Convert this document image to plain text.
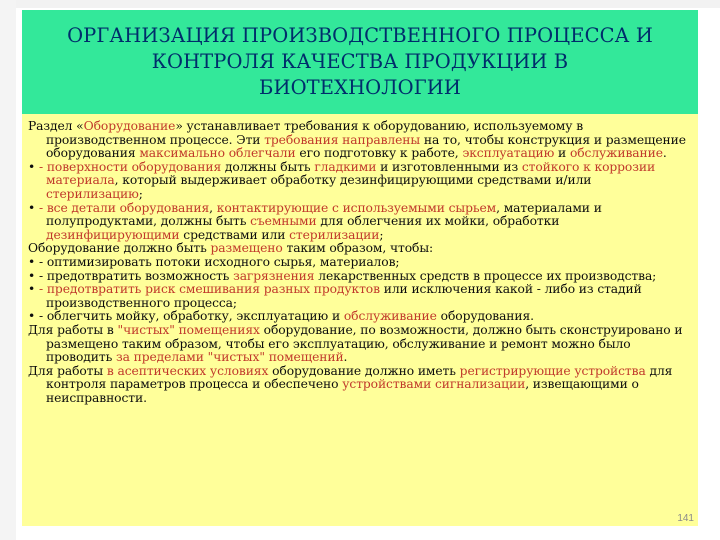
ОРГАНИЗАЦИЯ ПРОИЗВОДСТВЕННОГО ПРОЦЕССА И
КОНТРОЛЯ КАЧЕСТВА ПРОДУКЦИИ В
БИОТЕХНОЛОГИИ

Раздел «Оборудование» устанавливает требования к оборудованию, используемому в производственном процессе. Эти требования направлены на то, чтобы конструкция и размещение оборудования максимально облегчали его подготовку к работе, эксплуатацию и обслуживание.

• - поверхности оборудования должны быть гладкими и изготовленными из стойкого к коррозии материала, который выдерживает обработку дезинфицирующими средствами и/или стерилизацию;

• - все детали оборудования, контактирующие с используемыми сырьем, материалами и полупродуктами, должны быть съемными для облегчения их мойки, обработки дезинфицирующими средствами или стерилизации;

Оборудование должно быть размещено таким образом, чтобы:

• - оптимизировать потоки исходного сырья, материалов;

• - предотвратить возможность загрязнения лекарственных средств в процессе их производства;

• - предотвратить риск смешивания разных продуктов или исключения какой - либо из стадий производственного процесса;

• - облегчить мойку, обработку, эксплуатацию и обслуживание оборудования.

Для работы в "чистых" помещениях оборудование, по возможности, должно быть сконструировано и размещено таким образом, чтобы его эксплуатацию, обслуживание и ремонт можно было проводить за пределами "чистых" помещений.

Для работы в асептических условиях оборудование должно иметь регистрирующие устройства для контроля параметров процесса и обеспечено устройствами сигнализации, извещающими о неисправности.

141
